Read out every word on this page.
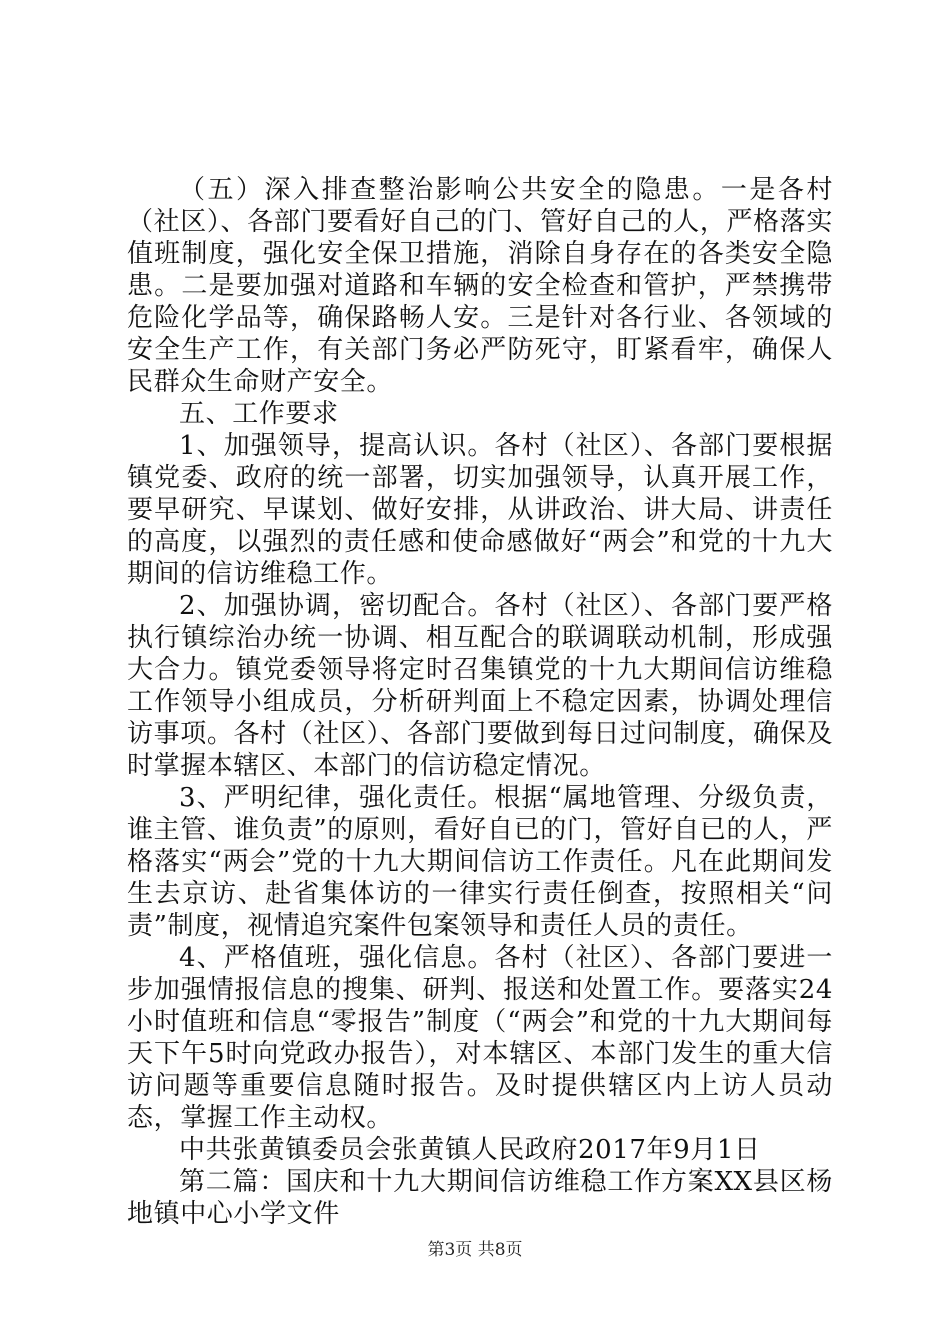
（五）深入排查整治影响公共安全的隐患。一是各村（社区）、各部门要看好自己的门、管好自己的人，严格落实值班制度，强化安全保卫措施，消除自身存在的各类安全隐患。二是要加强对道路和车辆的安全检查和管护，严禁携带危险化学品等，确保路畅人安。三是针对各行业、各领域的安全生产工作，有关部门务必严防死守，盯紧看牢，确保人民群众生命财产安全。

五、工作要求

1、加强领导，提高认识。各村（社区）、各部门要根据镇党委、政府的统一部署，切实加强领导，认真开展工作，要早研究、早谋划、做好安排，从讲政治、讲大局、讲责任的高度，以强烈的责任感和使命感做好“两会”和党的十九大期间的信访维稳工作。

2、加强协调，密切配合。各村（社区）、各部门要严格执行镇综治办统一协调、相互配合的联调联动机制，形成强大合力。镇党委领导将定时召集镇党的十九大期间信访维稳工作领导小组成员，分析研判面上不稳定因素，协调处理信访事项。各村（社区）、各部门要做到每日过问制度，确保及时掌握本辖区、本部门的信访稳定情况。

3、严明纪律，强化责任。根据“属地管理、分级负责，谁主管、谁负责”的原则，看好自已的门，管好自已的人，严格落实“两会”党的十九大期间信访工作责任。凡在此期间发生去京访、赴省集体访的一律实行责任倒查，按照相关“问责”制度，视情追究案件包案领导和责任人员的责任。

4、严格值班，强化信息。各村（社区）、各部门要进一步加强情报信息的搜集、研判、报送和处置工作。要落实24小时值班和信息“零报告”制度（“两会”和党的十九大期间每天下午5时向党政办报告），对本辖区、本部门发生的重大信访问题等重要信息随时报告。及时提供辖区内上访人员动态，掌握工作主动权。

中共张黄镇委员会张黄镇人民政府2017年9月1日

第二篇：国庆和十九大期间信访维稳工作方案XX县区杨地镇中心小学文件

第3页 共8页
